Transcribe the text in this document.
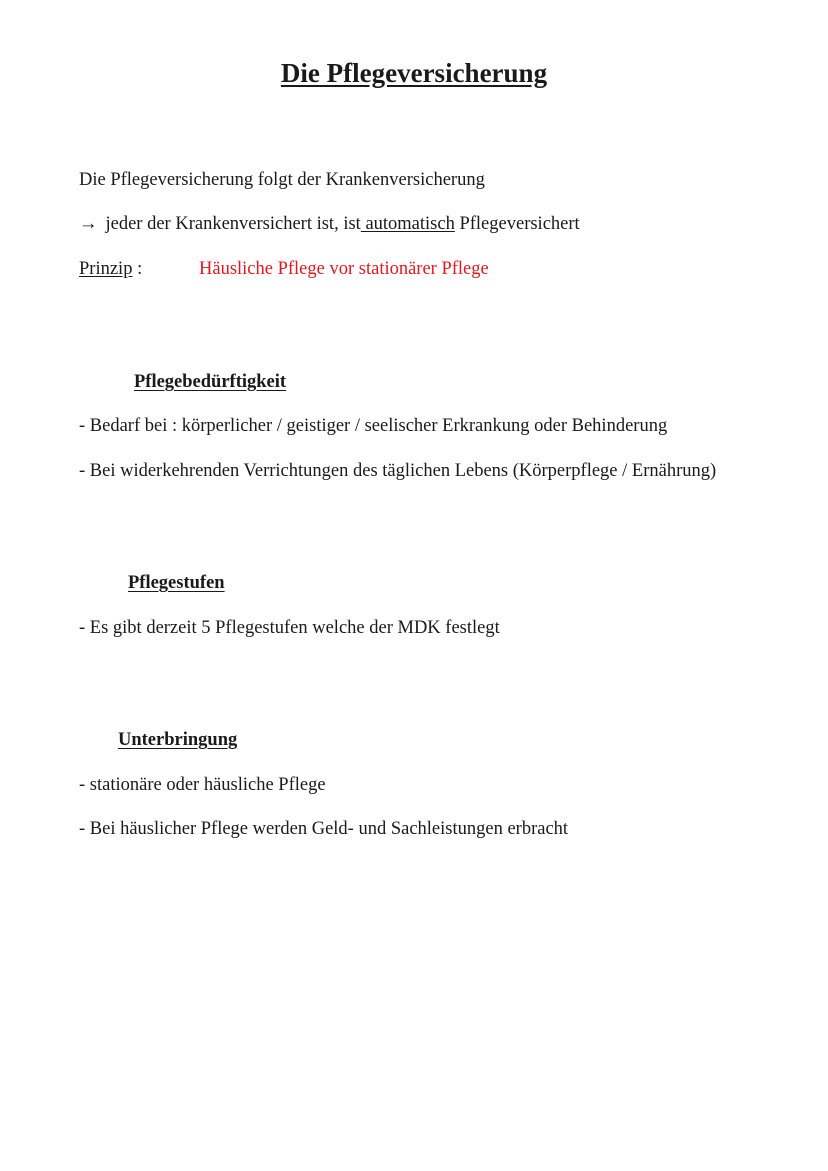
Die Pflegeversicherung

Die Pflegeversicherung folgt der Krankenversicherung

→ jeder der Krankenversichert ist, ist automatisch Pflegeversichert

Prinzip :	Häusliche Pflege vor stationärer Pflege

Pflegebedürftigkeit

- Bedarf bei : körperlicher / geistiger / seelischer Erkrankung oder Behinderung

- Bei widerkehrenden Verrichtungen des täglichen Lebens (Körperpflege / Ernährung)

Pflegestufen

- Es gibt derzeit 5 Pflegestufen welche der MDK festlegt

Unterbringung

- stationäre oder häusliche Pflege

- Bei häuslicher Pflege werden Geld- und Sachleistungen erbracht
